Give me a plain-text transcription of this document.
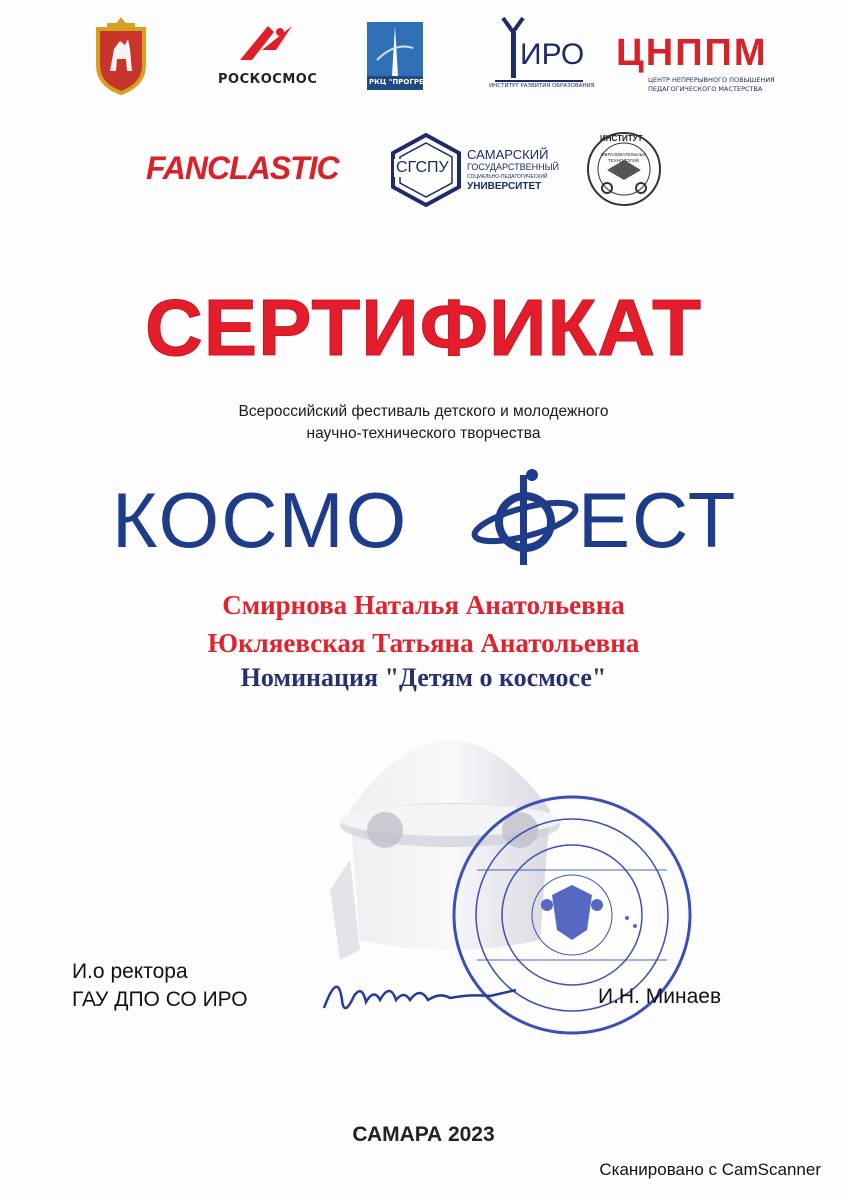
РОСКОСМОС	РКЦ "ПРОГРЕСС"
ИРО
ИНСТИТУТ РАЗВИТИЯ ОБРАЗОВАНИЯ
ЦНППМ
ЦЕНТР НЕПРЕРЫВНОГО ПОВЫШЕНИЯ
ПЕДАГОГИЧЕСКОГО МАСТЕРСТВА
FANCLASTIC	СГСПУ
САМАРСКИЙ
ГОСУДАРСТВЕННЫЙ
СОЦИАЛЬНО-ПЕДАГОГИЧЕСКИЙ
УНИВЕРСИТЕТ
ИНСТИТУТ
ОБРАЗОВАТЕЛЬНЫХ
ТЕХНОЛОГИЙ
СЕРТИФИКАТ
Всероссийский фестиваль детского и молодежного
научно-технического творчества
КОСМО ЕСТ
Смирнова Наталья Анатольевна
Юкляевская Татьяна Анатольевна
Номинация "Детям о космосе"
И.о ректора
ГАУ ДПО СО ИРО	И.Н. Минаев
САМАРА 2023
Сканировано с CamScanner
